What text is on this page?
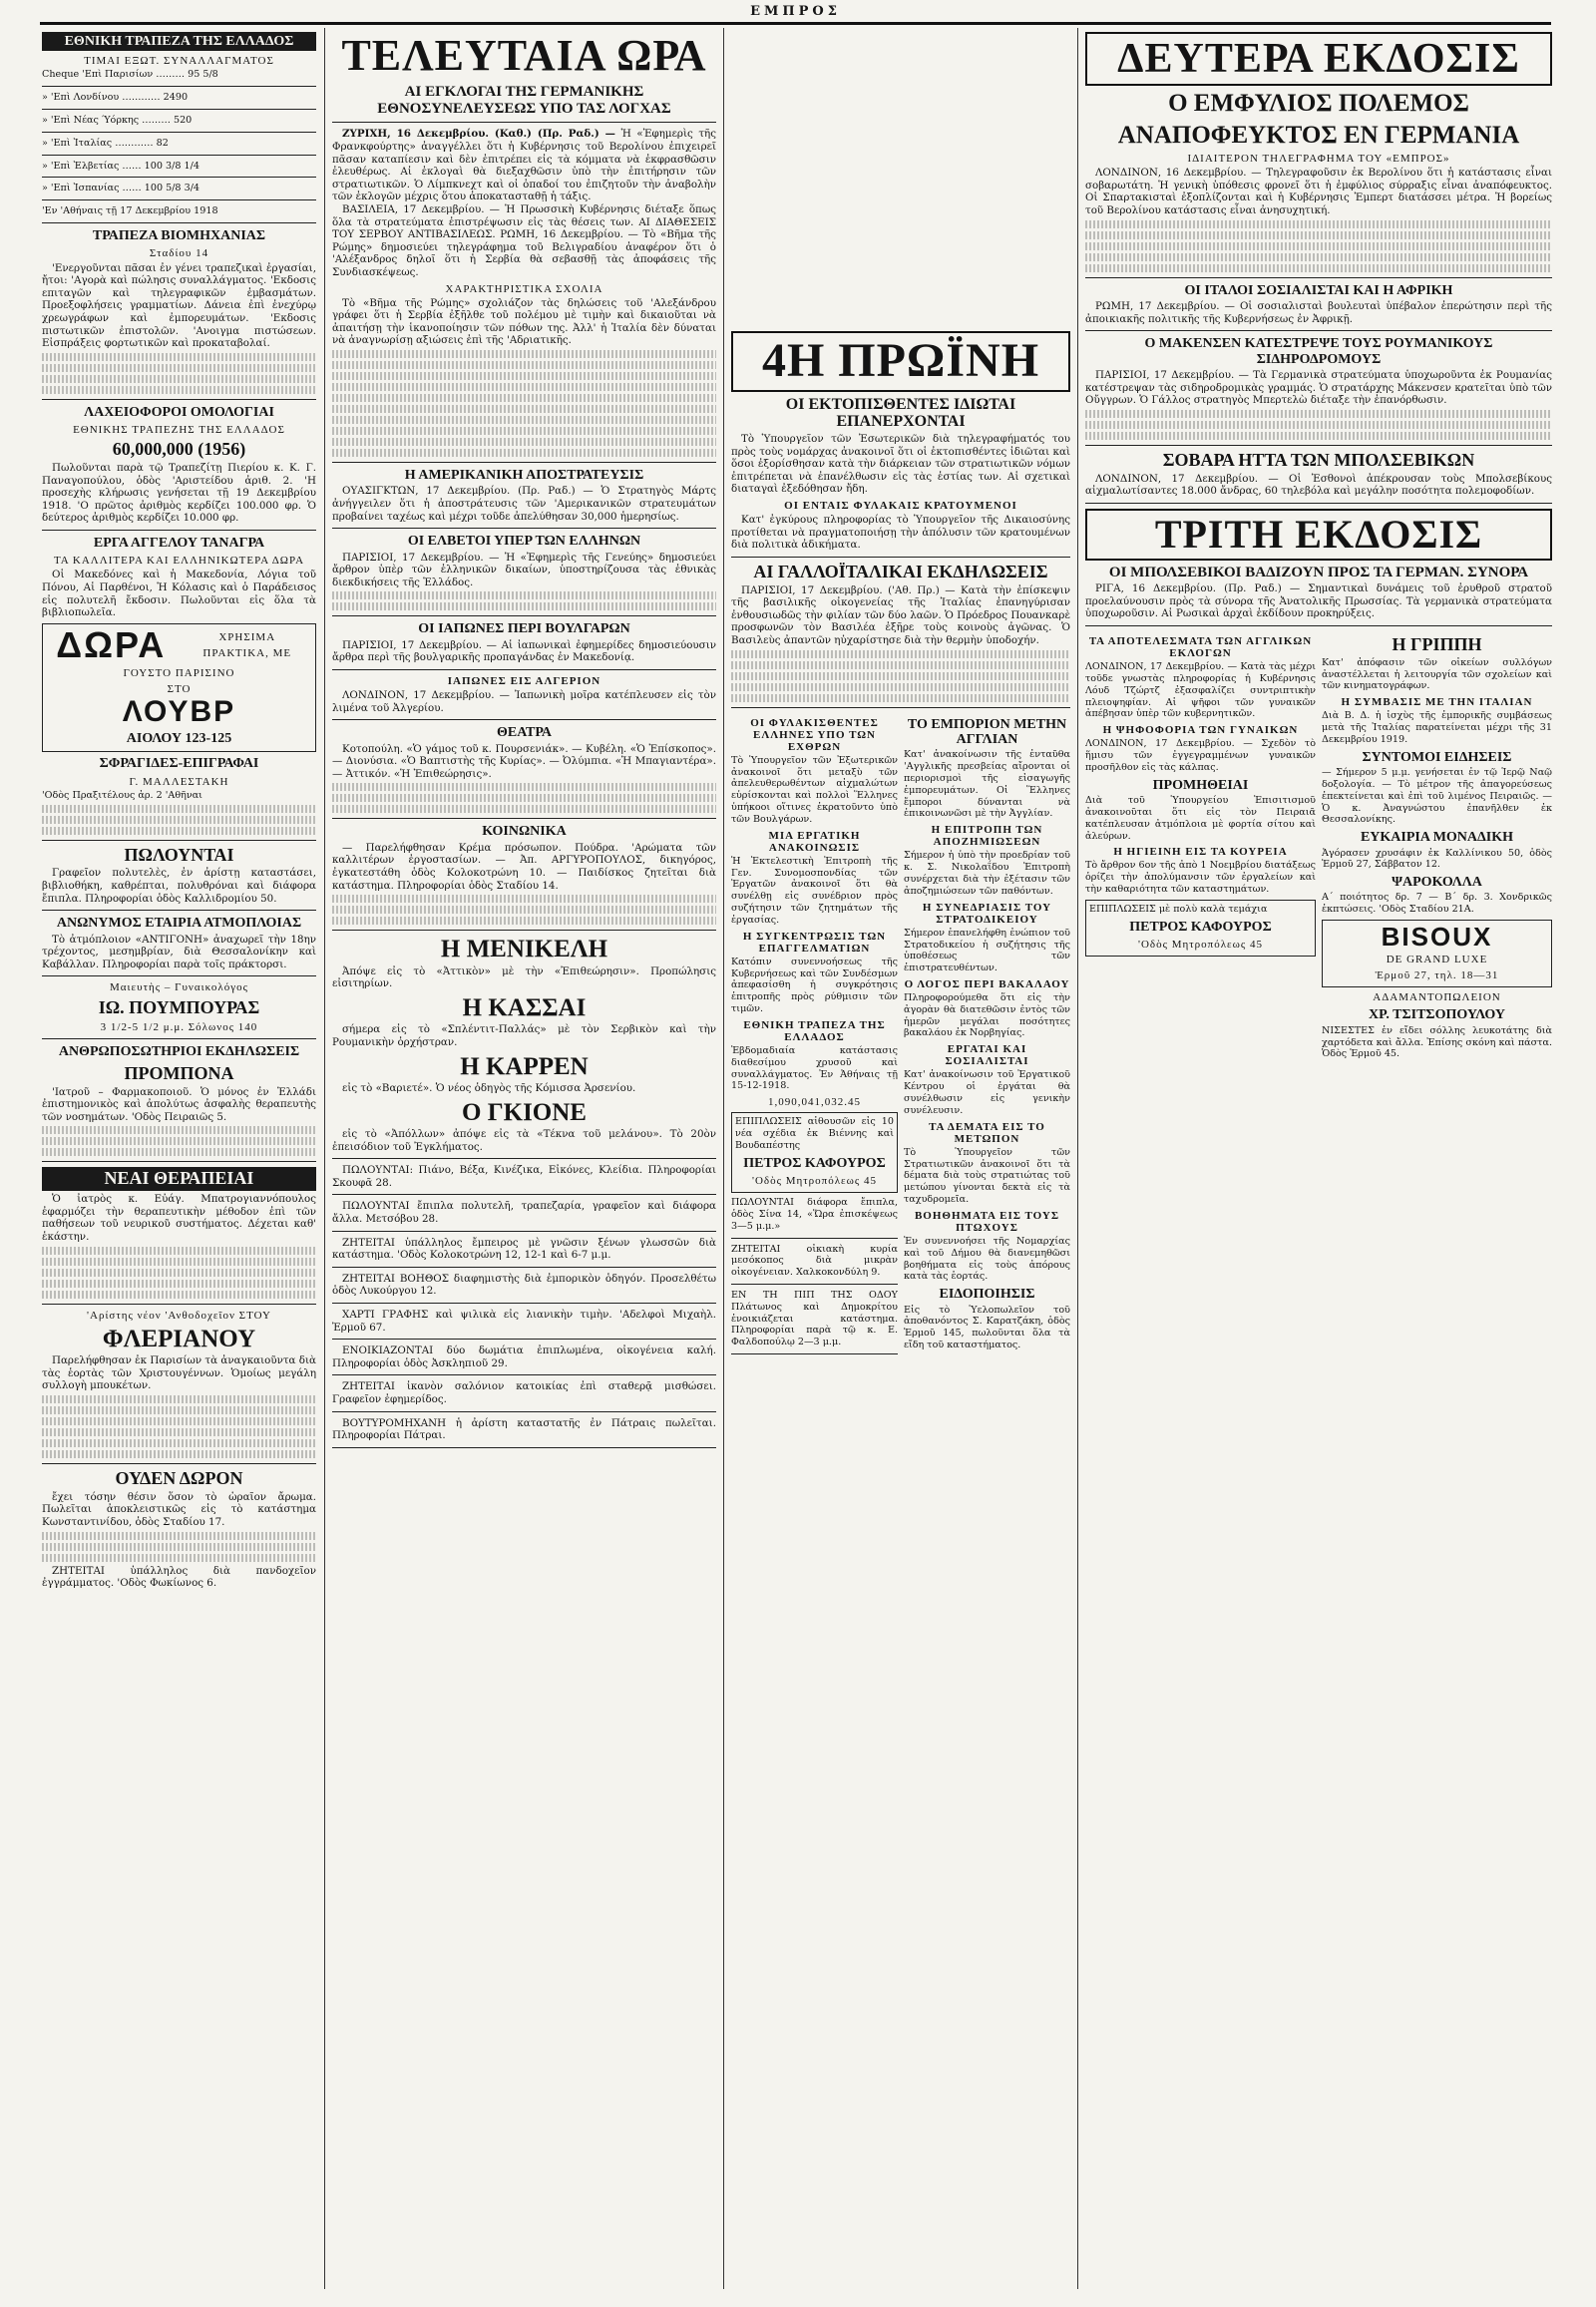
ΕΜΠΡΟΣ
ΕΘΝΙΚΗ ΤΡΑΠΕΖΑ ΤΗΣ ΕΛΛΑΔΟΣ
ΤΙΜΑΙ ΕΞΩΤ. ΣΥΝΑΛΛΑΓΜΑΤΟΣ

Cheque 'Επὶ Παρισίων ……… 95 5/8

» 'Επὶ Λονδίνου ………… 2490

» 'Επὶ Νέας Ύόρκης ……… 520

» 'Επὶ Ἰταλίας ………… 82

» 'Επὶ Ἐλβετίας …… 100 3/8 1/4

» 'Επὶ Ἰσπανίας …… 100 5/8 3/4

'Εν 'Αθήναις τῇ 17 Δεκεμβρίου 1918

ΤΡΑΠΕΖΑ ΒΙΟΜΗΧΑΝΙΑΣ
Σταδίου 14

'Ενεργοῦνται πᾶσαι ἐν γένει τραπεζικαὶ ἐργασίαι, ἤτοι: 'Αγορὰ καὶ πώλησις συναλλάγματος. 'Εκδοσις επιταγῶν καὶ τηλεγραφικῶν ἐμβασμάτων. Προεξοφλήσεις γραμματίων. Δάνεια ἐπὶ ἐνεχύρῳ χρεωγράφων καὶ ἐμπορευμάτων. 'Εκδοσις πιστωτικῶν ἐπιστολῶν. 'Ανοιγμα πιστώσεων. Εἰσπράξεις φορτωτικῶν καὶ προκαταβολαί.

ΛΑΧΕΙΟΦΟΡΟΙ ΟΜΟΛΟΓΙΑΙ
ΕΘΝΙΚΗΣ ΤΡΑΠΕΖΗΣ ΤΗΣ ΕΛΛΑΔΟΣ
60,000,000 (1956)

Πωλοῦνται παρὰ τῷ Τραπεζίτῃ Πιερίου κ. Κ. Γ. Παναγοπούλου, ὁδὸς 'Αριστείδου ἀριθ. 2. 'Η προσεχὴς κλήρωσις γενήσεται τῇ 19 Δεκεμβρίου 1918. 'Ο πρῶτος ἀριθμὸς κερδίζει 100.000 φρ. Ὁ δεύτερος ἀριθμὸς κερδίζει 10.000 φρ.

ΕΡΓΑ ΑΓΓΕΛΟΥ ΤΑΝΑΓΡΑ
ΤΑ ΚΑΛΛΙΤΕΡΑ ΚΑΙ ΕΛΛΗΝΙΚΩΤΕΡΑ ΔΩΡΑ

Οἱ Μακεδόνες καὶ ἡ Μακεδονία, Λόγια τοῦ Πόνου, Αἱ Παρθένοι, Ἡ Κόλασις καὶ ὁ Παράδεισος εἰς πολυτελῆ ἔκδοσιν. Πωλοῦνται εἰς ὅλα τὰ βιβλιοπωλεῖα.

ΔΩΡΑ	ΧΡΗΣΙΜΑ
ΠΡΑΚΤΙΚΑ, ΜΕ
ΓΟΥΣΤΟ ΠΑΡΙΣΙΝΟ
ΣΤΟ
ΛΟΥΒΡ
ΑΙΟΛΟΥ 123-125
ΣΦΡΑΓΙΔΕΣ-ΕΠΙΓΡΑΦΑΙ
Γ. ΜΑΛΛΕΣΤΑΚΗ

'Οδὸς Πραξιτέλους ἀρ. 2 'Αθῆναι

ΠΩΛΟΥΝΤΑΙ

Γραφεῖον πολυτελὲς, ἐν ἀρίστῃ καταστάσει, βιβλιοθήκη, καθρέπται, πολυθρόναι καὶ διάφορα ἔπιπλα. Πληροφορίαι ὁδὸς Καλλιδρομίου 50.

ΑΝΩΝΥΜΟΣ ΕΤΑΙΡΙΑ ΑΤΜΟΠΛΟΙΑΣ

Τὸ ἀτμόπλοιον «ΑΝΤΙΓΟΝΗ» ἀναχωρεῖ τὴν 18ην τρέχοντος, μεσημβρίαν, διὰ Θεσσαλονίκην καὶ Καβάλλαν. Πληροφορίαι παρὰ τοῖς πράκτορσι.

Μαιευτὴς – Γυναικολόγος
ΙΩ. ΠΟΥΜΠΟΥΡΑΣ
3 1/2-5 1/2 μ.μ. Σόλωνος 140
ΑΝΘΡΩΠΟΣΩΤΗΡΙΟΙ ΕΚΔΗΛΩΣΕΙΣ
ΠΡΟΜΠΟΝΑ

'Ιατροῦ – Φαρμακοποιοῦ. Ὁ μόνος ἐν Ἑλλάδι ἐπιστημονικὸς καὶ ἀπολύτως ἀσφαλὴς θεραπευτὴς τῶν νοσημάτων. 'Οδὸς Πειραιῶς 5.

ΝΕΑΙ ΘΕΡΑΠΕΙΑΙ

Ὁ ἰατρὸς κ. Εὐάγ. Μπατρογιαννόπουλος ἐφαρμόζει τὴν θεραπευτικὴν μέθοδον ἐπὶ τῶν παθήσεων τοῦ νευρικοῦ συστήματος. Δέχεται καθ' ἑκάστην.

'Αρίστης νέον 'Ανθοδοχεῖον ΣΤΟΥ
ΦΛΕΡΙΑΝΟΥ

Παρελήφθησαν ἐκ Παρισίων τὰ ἀναγκαιοῦντα διὰ τὰς ἑορτὰς τῶν Χριστουγέννων. Ὁμοίως μεγάλη συλλογὴ μπουκέτων.

ΟΥΔΕΝ ΔΩΡΟΝ

ἔχει τόσην θέσιν ὅσον τὸ ὡραῖον ἄρωμα. Πωλεῖται ἀποκλειστικῶς εἰς τὸ κατάστημα Κωνσταντινίδου, ὁδὸς Σταδίου 17.

ΖΗΤΕΙΤΑΙ ὑπάλληλος διὰ πανδοχεῖον ἐγγράμματος. 'Οδὸς Φωκίωνος 6.

ΤΕΛΕΥΤΑΙΑ ΩΡΑ
ΑΙ ΕΓΚΛΟΓΑΙ ΤΗΣ ΓΕΡΜΑΝΙΚΗΣ ΕΘΝΟΣΥΝΕΛΕΥΣΕΩΣ ΥΠΟ ΤΑΣ ΛΟΓΧΑΣ

ΖΥΡΙΧΗ, 16 Δεκεμβρίου. (Καθ.) (Πρ. Ραδ.) — Ἡ «Ἐφημερὶς τῆς Φρανκφούρτης» ἀναγγέλλει ὅτι ἡ Κυβέρνησις τοῦ Βερολίνου ἐπιχειρεῖ πᾶσαν καταπίεσιν καὶ δὲν ἐπιτρέπει εἰς τὰ κόμματα νὰ ἐκφρασθῶσιν ἐλευθέρως. Αἱ ἐκλογαὶ θὰ διεξαχθῶσιν ὑπὸ τὴν ἐπιτήρησιν τῶν στρατιωτικῶν. Ὁ Λίμπκνεχτ καὶ οἱ ὀπαδοί του ἐπιζητοῦν τὴν ἀναβολὴν τῶν ἐκλογῶν μέχρις ὅτου ἀποκατασταθῇ ἡ τάξις.

ΒΑΣΙΛΕΙΑ, 17 Δεκεμβρίου. — Ἡ Πρωσσικὴ Κυβέρνησις διέταξε ὅπως ὅλα τὰ στρατεύματα ἐπιστρέψωσιν εἰς τὰς θέσεις των. ΑΙ ΔΙΑΘΕΣΕΙΣ ΤΟΥ ΣΕΡΒΟΥ ΑΝΤΙΒΑΣΙΛΕΩΣ. ΡΩΜΗ, 16 Δεκεμβρίου. — Τὸ «Βῆμα τῆς Ρώμης» δημοσιεύει τηλεγράφημα τοῦ Βελιγραδίου ἀναφέρον ὅτι ὁ 'Αλέξανδρος δηλοῖ ὅτι ἡ Σερβία θὰ σεβασθῇ τὰς ἀποφάσεις τῆς Συνδιασκέψεως.

ΧΑΡΑΚΤΗΡΙΣΤΙΚΑ ΣΧΟΛΙΑ

Τὸ «Βῆμα τῆς Ρώμης» σχολιάζον τὰς δηλώσεις τοῦ 'Αλεξάνδρου γράφει ὅτι ἡ Σερβία ἐξῆλθε τοῦ πολέμου μὲ τιμὴν καὶ δικαιοῦται νὰ ἀπαιτήσῃ τὴν ἱκανοποίησιν τῶν πόθων της. Ἀλλ' ἡ Ἰταλία δὲν δύναται νὰ ἀναγνωρίσῃ αξιώσεις ἐπὶ τῆς 'Αδριατικῆς.

Η ΑΜΕΡΙΚΑΝΙΚΗ ΑΠΟΣΤΡΑΤΕΥΣΙΣ

ΟΥΑΣΙΓΚΤΩΝ, 17 Δεκεμβρίου. (Πρ. Ραδ.) — Ὁ Στρατηγὸς Μάρτς ἀνήγγειλεν ὅτι ἡ ἀποστράτευσις τῶν 'Αμερικανικῶν στρατευμάτων προβαίνει ταχέως καὶ μέχρι τοῦδε ἀπελύθησαν 30,000 ἡμερησίως.

ΟΙ ΕΛΒΕΤΟΙ ΥΠΕΡ ΤΩΝ ΕΛΛΗΝΩΝ

ΠΑΡΙΣΙΟΙ, 17 Δεκεμβρίου. — Ἡ «Ἐφημερὶς τῆς Γενεύης» δημοσιεύει ἄρθρον ὑπὲρ τῶν ἑλληνικῶν δικαίων, ὑποστηρίζουσα τὰς ἐθνικὰς διεκδικήσεις τῆς Ἑλλάδος.

ΟΙ ΙΑΠΩΝΕΣ ΠΕΡΙ ΒΟΥΛΓΑΡΩΝ

ΠΑΡΙΣΙΟΙ, 17 Δεκεμβρίου. — Αἱ ἰαπωνικαὶ ἐφημερίδες δημοσιεύουσιν ἄρθρα περὶ τῆς βουλγαρικῆς προπαγάνδας ἐν Μακεδονίᾳ.

ΙΑΠΩΝΕΣ ΕΙΣ ΑΛΓΕΡΙΟΝ

ΛΟΝΔΙΝΟΝ, 17 Δεκεμβρίου. — Ἰαπωνικὴ μοῖρα κατέπλευσεν εἰς τὸν λιμένα τοῦ Ἀλγερίου.

ΘΕΑΤΡΑ

Κοτοπούλη. «Ὁ γάμος τοῦ κ. Πουρσενιάκ». — Κυβέλη. «Ὁ Ἐπίσκοπος». — Διονύσια. «Ὁ Βαπτιστὴς τῆς Κυρίας». — Ὀλύμπια. «Ἡ Μπαγιαντέρα». — Ἀττικόν. «Ἡ Ἐπιθεώρησις».

ΚΟΙΝΩΝΙΚΑ

— Παρελήφθησαν Κρέμα πρόσωπον. Πούδρα. 'Αρώματα τῶν καλλιτέρων ἐργοστασίων. — Ἀπ. ΑΡΓΥΡΟΠΟΥΛΟΣ, δικηγόρος, ἐγκατεστάθη ὁδὸς Κολοκοτρώνη 10. — Παιδίσκος ζητεῖται διὰ κατάστημα. Πληροφορίαι ὁδὸς Σταδίου 14.

Η ΜΕΝΙΚΕΛΗ

Ἀπόψε εἰς τὸ «Ἀττικὸν» μὲ τὴν «Ἐπιθεώρησιν». Προπώλησις εἰσιτηρίων.

Η ΚΑΣΣΑΙ

σήμερα εἰς τὸ «Σπλέντιτ-Παλλάς» μὲ τὸν Σερβικὸν καὶ τὴν Ρουμανικὴν ὀρχήστραν.

Η ΚΑΡΡΕΝ

εἰς τὸ «Βαριετέ». Ὁ νέος ὁδηγὸς τῆς Κόμισσα Ἀρσενίου.

Ο ΓΚΙΟΝΕ

εἰς τὸ «Ἀπόλλων» ἀπόψε εἰς τὰ «Τέκνα τοῦ μελάνου». Τὸ 20ὸν ἐπεισόδιον τοῦ Ἐγκλήματος.

ΠΩΛΟΥΝΤΑΙ: Πιάνο, Βέξα, Κινέζικα, Εἰκόνες, Κλείδια. Πληροφορίαι Σκουφᾶ 28.

ΠΩΛΟΥΝΤΑΙ ἔπιπλα πολυτελῆ, τραπεζαρία, γραφεῖον καὶ διάφορα ἄλλα. Μετσόβου 28.

ΖΗΤΕΙΤΑΙ ὑπάλληλος ἔμπειρος μὲ γνῶσιν ξένων γλωσσῶν διὰ κατάστημα. 'Οδὸς Κολοκοτρώνη 12, 12-1 καὶ 6-7 μ.μ.

ΖΗΤΕΙΤΑΙ ΒΟΗΘΟΣ διαφημιστὴς διὰ ἐμπορικὸν ὁδηγόν. Προσελθέτω ὁδὸς Λυκούργου 12.

ΧΑΡΤΙ ΓΡΑΦΗΣ καὶ ψιλικὰ εἰς λιανικὴν τιμὴν. 'Αδελφοὶ Μιχαὴλ. Ἐρμοῦ 67.

ΕΝΟΙΚΙΑΖΟΝΤΑΙ δύο δωμάτια ἐπιπλωμένα, οἰκογένεια καλή. Πληροφορίαι ὁδὸς Ἀσκληπιοῦ 29.

ΖΗΤΕΙΤΑΙ ἱκανὸν σαλόνιον κατοικίας ἐπὶ σταθερᾷ μισθώσει. Γραφεῖον ἐφημερίδος.

ΒΟΥΤΥΡΟΜΗΧΑΝΗ ἡ ἀρίστη καταστατῆς ἐν Πάτραις πωλεῖται. Πληροφορίαι Πάτραι.

4Η ΠΡΩΪΝΗ
ΟΙ ΕΚΤΟΠΙΣΘΕΝΤΕΣ ΙΔΙΩΤΑΙ ΕΠΑΝΕΡΧΟΝΤΑΙ

Τὸ Ὑπουργεῖον τῶν Ἐσωτερικῶν διὰ τηλεγραφήματός του πρὸς τοὺς νομάρχας ἀνακοινοῖ ὅτι οἱ ἐκτοπισθέντες ἰδιῶται καὶ ὅσοι ἐξορίσθησαν κατὰ τὴν διάρκειαν τῶν στρατιωτικῶν νόμων ἐπιτρέπεται νὰ ἐπανέλθωσιν εἰς τὰς ἑστίας των. Αἱ σχετικαὶ διαταγαὶ ἐξεδόθησαν ἤδη.

ΟΙ ΕΝΤΑΙΣ ΦΥΛΑΚΑΙΣ ΚΡΑΤΟΥΜΕΝΟΙ

Κατ' ἐγκύρους πληροφορίας τὸ Ὑπουργεῖον τῆς Δικαιοσύνης προτίθεται νὰ πραγματοποιήσῃ τὴν ἀπόλυσιν τῶν κρατουμένων διὰ πολιτικὰ ἀδικήματα.

ΑΙ ΓΑΛΛΟΪΤΑΛΙΚΑΙ ΕΚΔΗΛΩΣΕΙΣ

ΠΑΡΙΣΙΟΙ, 17 Δεκεμβρίου. ('Αθ. Πρ.) — Κατὰ τὴν ἐπίσκεψιν τῆς βασιλικῆς οἰκογενείας τῆς Ἰταλίας ἐπανηγύρισαν ἐνθουσιωδῶς τὴν φιλίαν τῶν δύο λαῶν. Ὁ Πρόεδρος Πουανκαρὲ προσφωνῶν τὸν Βασιλέα ἐξῆρε τοὺς κοινοὺς ἀγῶνας. Ὁ Βασιλεὺς ἀπαντῶν ηὐχαρίστησε διὰ τὴν θερμὴν ὑποδοχήν.

ΟΙ ΦΥΛΑΚΙΣΘΕΝΤΕΣ ΕΛΛΗΝΕΣ ΥΠΟ ΤΩΝ ΕΧΘΡΩΝ

Τὸ Ὑπουργεῖον τῶν Ἐξωτερικῶν ἀνακοινοῖ ὅτι μεταξὺ τῶν ἀπελευθερωθέντων αἰχμαλώτων εὑρίσκονται καὶ πολλοὶ Ἕλληνες ὑπήκοοι οἵτινες ἐκρατοῦντο ὑπὸ τῶν Βουλγάρων.

ΜΙΑ ΕΡΓΑΤΙΚΗ ΑΝΑΚΟΙΝΩΣΙΣ

Ἡ Ἐκτελεστικὴ Ἐπιτροπὴ τῆς Γεν. Συνομοσπονδίας τῶν Ἐργατῶν ἀνακοινοῖ ὅτι θὰ συνέλθῃ εἰς συνέδριον πρὸς συζήτησιν τῶν ζητημάτων τῆς ἐργασίας.

Η ΣΥΓΚΕΝΤΡΩΣΙΣ ΤΩΝ ΕΠΑΓΓΕΛΜΑΤΙΩΝ

Κατόπιν συνεννοήσεως τῆς Κυβερνήσεως καὶ τῶν Συνδέσμων ἀπεφασίσθη ἡ συγκρότησις ἐπιτροπῆς πρὸς ρύθμισιν τῶν τιμῶν.

ΕΘΝΙΚΗ ΤΡΑΠΕΖΑ ΤΗΣ ΕΛΛΑΔΟΣ

Ἐβδομαδιαία κατάστασις διαθεσίμου χρυσοῦ καὶ συναλλάγματος. Ἐν Ἀθήναις τῇ 15-12-1918.

1,090,041,032.45

ΕΠΙΠΛΩΣΕΙΣ αἰθουσῶν εἰς 10 νέα σχέδια ἐκ Βιέννης καὶ Βουδαπέστης

ΠΕΤΡΟΣ ΚΑΦΟΥΡΟΣ
'Οδὸς Μητροπόλεως 45

ΠΩΛΟΥΝΤΑΙ διάφορα ἔπιπλα, ὁδὸς Σίνα 14, «Ὥρα ἐπισκέψεως 3—5 μ.μ.»

ΖΗΤΕΙΤΑΙ οἰκιακὴ κυρία μεσόκοπος διὰ μικρὰν οἰκογένειαν. Χαλκοκονδύλη 9.

ΕΝ ΤΗ ΠΙΠ ΤΗΣ ΟΔΟΥ Πλάτωνος καὶ Δημοκρίτου ἐνοικιάζεται κατάστημα. Πληροφορίαι παρὰ τῷ κ. Ε. Φαλδοπούλῳ 2—3 μ.μ.

ΤΟ ΕΜΠΟΡΙΟΝ ΜΕΤΗΝ ΑΓΓΛΙΑΝ

Κατ' ἀνακοίνωσιν τῆς ἐνταῦθα 'Αγγλικῆς πρεσβείας αἴρονται οἱ περιορισμοὶ τῆς εἰσαγωγῆς ἐμπορευμάτων. Οἱ Ἕλληνες ἔμποροι δύνανται νὰ ἐπικοινωνῶσι μὲ τὴν Ἀγγλίαν.

Η ΕΠΙΤΡΟΠΗ ΤΩΝ ΑΠΟΖΗΜΙΩΣΕΩΝ

Σήμερον ἡ ὑπὸ τὴν προεδρίαν τοῦ κ. Σ. Νικολαΐδου Ἐπιτροπὴ συνέρχεται διὰ τὴν ἐξέτασιν τῶν ἀποζημιώσεων τῶν παθόντων.

Η ΣΥΝΕΔΡΙΑΣΙΣ ΤΟΥ ΣΤΡΑΤΟΔΙΚΕΙΟΥ

Σήμερον ἐπανελήφθη ἐνώπιον τοῦ Στρατοδικείου ἡ συζήτησις τῆς ὑποθέσεως τῶν ἐπιστρατευθέντων.

Ο ΛΟΓΟΣ ΠΕΡΙ ΒΑΚΑΛΑΟΥ

Πληροφορούμεθα ὅτι εἰς τὴν ἀγορὰν θὰ διατεθῶσιν ἐντὸς τῶν ἡμερῶν μεγάλαι ποσότητες βακαλάου ἐκ Νορβηγίας.

ΕΡΓΑΤΑΙ ΚΑΙ ΣΟΣΙΑΛΙΣΤΑΙ

Κατ' ἀνακοίνωσιν τοῦ Ἐργατικοῦ Κέντρου οἱ ἐργάται θὰ συνέλθωσιν εἰς γενικὴν συνέλευσιν.

ΤΑ ΔΕΜΑΤΑ ΕΙΣ ΤΟ ΜΕΤΩΠΟΝ

Τὸ Ὑπουργεῖον τῶν Στρατιωτικῶν ἀνακοινοῖ ὅτι τὰ δέματα διὰ τοὺς στρατιώτας τοῦ μετώπου γίνονται δεκτὰ εἰς τὰ ταχυδρομεῖα.

ΒΟΗΘΗΜΑΤΑ ΕΙΣ ΤΟΥΣ ΠΤΩΧΟΥΣ

Ἐν συνεννοήσει τῆς Νομαρχίας καὶ τοῦ Δήμου θὰ διανεμηθῶσι βοηθήματα εἰς τοὺς ἀπόρους κατὰ τὰς ἑορτάς.

ΕΙΔΟΠΟΙΗΣΙΣ

Εἰς τὸ Ὑελοπωλεῖον τοῦ ἀποθανόντος Σ. Καρατζάκη, ὁδὸς Ἑρμοῦ 145, πωλοῦνται ὅλα τὰ εἴδη τοῦ καταστήματος.

ΔΕΥΤΕΡΑ ΕΚΔΟΣΙΣ
Ο ΕΜΦΥΛΙΟΣ ΠΟΛΕΜΟΣ
ΑΝΑΠΟΦΕΥΚΤΟΣ ΕΝ ΓΕΡΜΑΝΙΑ
ΙΔΙΑΙΤΕΡΟΝ ΤΗΛΕΓΡΑΦΗΜΑ ΤΟΥ «ΕΜΠΡΟΣ»

ΛΟΝΔΙΝΟΝ, 16 Δεκεμβρίου. — Τηλεγραφοῦσιν ἐκ Βερολίνου ὅτι ἡ κατάστασις εἶναι σοβαρωτάτη. Ἡ γενικὴ ὑπόθεσις φρονεῖ ὅτι ἡ ἐμφύλιος σύρραξις εἶναι ἀναπόφευκτος. Οἱ Σπαρτακισταὶ ἐξοπλίζονται καὶ ἡ Κυβέρνησις Ἐμπερτ διατάσσει μέτρα. Ἡ βορείως τοῦ Βερολίνου κατάστασις εἶναι ἀνησυχητική.

ΟΙ ΙΤΑΛΟΙ ΣΟΣΙΑΛΙΣΤΑΙ ΚΑΙ Η ΑΦΡΙΚΗ

ΡΩΜΗ, 17 Δεκεμβρίου. — Οἱ σοσιαλισταὶ βουλευταὶ ὑπέβαλον ἐπερώτησιν περὶ τῆς ἀποικιακῆς πολιτικῆς τῆς Κυβερνήσεως ἐν Ἀφρικῇ.

Ο ΜΑΚΕΝΣΕΝ ΚΑΤΕΣΤΡΕΨΕ ΤΟΥΣ ΡΟΥΜΑΝΙΚΟΥΣ ΣΙΔΗΡΟΔΡΟΜΟΥΣ

ΠΑΡΙΣΙΟΙ, 17 Δεκεμβρίου. — Τὰ Γερμανικὰ στρατεύματα ὑποχωροῦντα ἐκ Ρουμανίας κατέστρεψαν τὰς σιδηροδρομικὰς γραμμάς. Ὁ στρατάρχης Μάκενσεν κρατεῖται ὑπὸ τῶν Οὔγγρων. Ὁ Γάλλος στρατηγὸς Μπερτελὼ διέταξε τὴν ἐπανόρθωσιν.

ΣΟΒΑΡΑ ΗΤΤΑ ΤΩΝ ΜΠΟΛΣΕΒΙΚΩΝ

ΛΟΝΔΙΝΟΝ, 17 Δεκεμβρίου. — Οἱ Ἐσθονοὶ ἀπέκρουσαν τοὺς Μπολσεβίκους αἰχμαλωτίσαντες 18.000 ἄνδρας, 60 τηλεβόλα καὶ μεγάλην ποσότητα πολεμοφοδίων.

ΤΡΙΤΗ ΕΚΔΟΣΙΣ
ΟΙ ΜΠΟΛΣΕΒΙΚΟΙ ΒΑΔΙΖΟΥΝ ΠΡΟΣ ΤΑ ΓΕΡΜΑΝ. ΣΥΝΟΡΑ

ΡΙΓΑ, 16 Δεκεμβρίου. (Πρ. Ραδ.) — Σημαντικαὶ δυνάμεις τοῦ ἐρυθροῦ στρατοῦ προελαύνουσιν πρὸς τὰ σύνορα τῆς Ἀνατολικῆς Πρωσσίας. Τὰ γερμανικὰ στρατεύματα ὑποχωροῦσιν. Αἱ Ρωσικαὶ ἀρχαὶ ἐκδίδουν προκηρύξεις.

ΤΑ ΑΠΟΤΕΛΕΣΜΑΤΑ ΤΩΝ ΑΓΓΛΙΚΩΝ ΕΚΛΟΓΩΝ

ΛΟΝΔΙΝΟΝ, 17 Δεκεμβρίου. — Κατὰ τὰς μέχρι τοῦδε γνωστὰς πληροφορίας ἡ Κυβέρνησις Λόυδ Τζώρτζ ἐξασφαλίζει συντριπτικὴν πλειοψηφίαν. Αἱ ψῆφοι τῶν γυναικῶν ἀπέβησαν ὑπὲρ τῶν κυβερνητικῶν.

Η ΨΗΦΟΦΟΡΙΑ ΤΩΝ ΓΥΝΑΙΚΩΝ

ΛΟΝΔΙΝΟΝ, 17 Δεκεμβρίου. — Σχεδὸν τὸ ἥμισυ τῶν ἐγγεγραμμένων γυναικῶν προσῆλθον εἰς τὰς κάλπας.

ΠΡΟΜΗΘΕΙΑΙ

Διὰ τοῦ Ὑπουργείου Ἐπισιτισμοῦ ἀνακοινοῦται ὅτι εἰς τὸν Πειραιᾶ κατέπλευσαν ἀτμόπλοια μὲ φορτία σίτου καὶ ἀλεύρων.

Η ΗΓΙΕΙΝΗ ΕΙΣ ΤΑ ΚΟΥΡΕΙΑ

Τὸ ἄρθρον 6ον τῆς ἀπὸ 1 Νοεμβρίου διατάξεως ὁρίζει τὴν ἀπολύμανσιν τῶν ἐργαλείων καὶ τὴν καθαριότητα τῶν καταστημάτων.

ΕΠΙΠΛΩΣΕΙΣ μὲ πολὺ καλὰ τεμάχια

ΠΕΤΡΟΣ ΚΑΦΟΥΡΟΣ
'Οδὸς Μητροπόλεως 45
Η ΓΡΙΠΠΗ

Κατ' ἀπόφασιν τῶν οἰκείων συλλόγων ἀναστέλλεται ἡ λειτουργία τῶν σχολείων καὶ τῶν κινηματογράφων.

Η ΣΥΜΒΑΣΙΣ ΜΕ ΤΗΝ ΙΤΑΛΙΑΝ

Διὰ Β. Δ. ἡ ἰσχὺς τῆς ἐμπορικῆς συμβάσεως μετὰ τῆς Ἰταλίας παρατείνεται μέχρι τῆς 31 Δεκεμβρίου 1919.

ΣΥΝΤΟΜΟΙ ΕΙΔΗΣΕΙΣ

— Σήμερον 5 μ.μ. γενήσεται ἐν τῷ Ἱερῷ Ναῷ δοξολογία. — Τὸ μέτρον τῆς ἀπαγορεύσεως ἐπεκτείνεται καὶ ἐπὶ τοῦ λιμένος Πειραιῶς. — Ὁ κ. Ἀναγνώστου ἐπανῆλθεν ἐκ Θεσσαλονίκης.

ΕΥΚΑΙΡΙΑ ΜΟΝΑΔΙΚΗ

Ἀγόρασεν χρυσάφιν ἐκ Καλλίνικου 50, ὁδὸς Ἑρμοῦ 27, Σάββατον 12.

ΨΑΡΟΚΟΛΛΑ

Α΄ ποιότητος δρ. 7 — Β΄ δρ. 3. Χονδρικῶς ἐκπτώσεις. 'Οδὸς Σταδίου 21Α.

BISOUX
DE GRAND LUXE
Ἑρμοῦ 27, τηλ. 18—31
ΑΔΑΜΑΝΤΟΠΩΛΕΙΟΝ
ΧΡ. ΤΣΙΤΣΟΠΟΥΛΟΥ

ΝΙΣΕΣΤΕΣ ἐν εἴδει σόλλης λευκοτάτης διὰ χαρτόδετα καὶ ἄλλα. Ἐπίσης σκόνη καὶ πάστα. Ὁδὸς Ἑρμοῦ 45.
